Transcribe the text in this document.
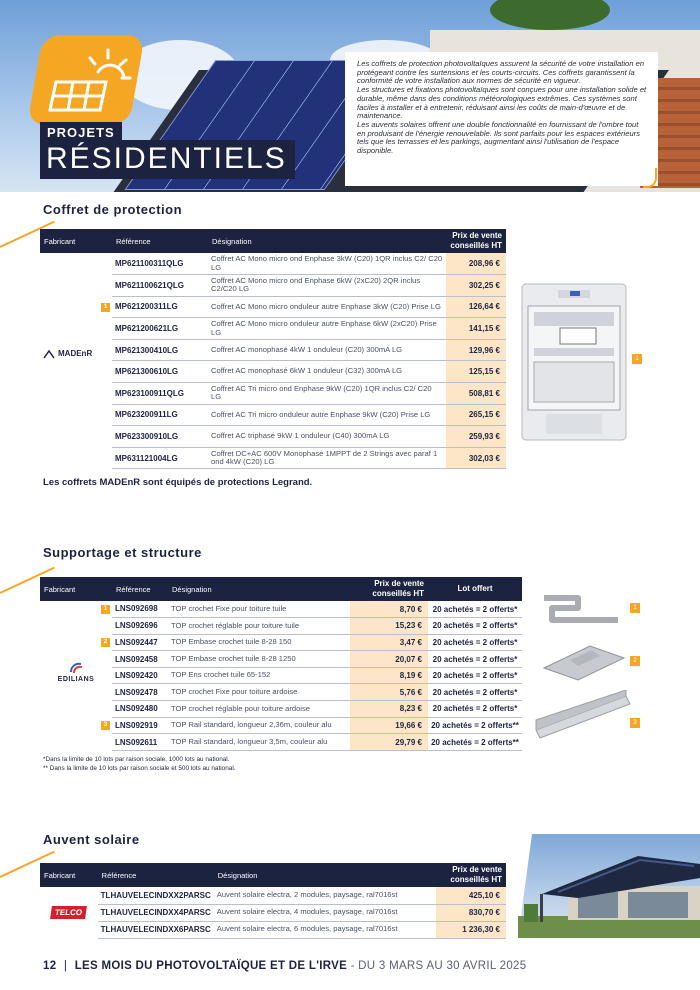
PROJETS
RÉSIDENTIELS

Les coffrets de protection photovoltaïques assurent la sécurité de votre installation en protégeant contre les surtensions et les courts-circuits. Ces coffrets garantissent la conformité de votre installation aux normes de sécurité en vigueur.

Les structures et fixations photovoltaïques sont conçues pour une installation solide et durable, même dans des conditions météorologiques extrêmes. Ces systèmes sont faciles à installer et à entretenir, réduisant ainsi les coûts de main-d'œuvre et de maintenance.

Les auvents solaires offrent une double fonctionnalité en fournissant de l'ombre tout en produisant de l'énergie renouvelable. Ils sont parfaits pour les espaces extérieurs tels que les terrasses et les parkings, augmentant ainsi l'utilisation de l'espace disponible.

Coffret de protection
Fabricant	Référence	Désignation	Prix de vente conseillés HT

MADEnR	MP621100311QLG	Coffret AC Mono micro ond Enphase 3kW (C20) 1QR inclus C2/ C20 LG	208,96 €
	MP621100621QLG	Coffret AC Mono micro ond Enphase 6kW (2xC20) 2QR inclus C2/C20 LG	302,25 €
	1 MP621200311LG	Coffret AC Mono micro onduleur autre Enphase 3kW (C20) Prise LG	126,64 €
	MP621200621LG	Coffret AC Mono micro onduleur autre Enphase 6kW (2xC20) Prise LG	141,15 €
	MP621300410LG	Coffret AC monophasé 4kW 1 onduleur (C20) 300mA LG	129,96 €
	MP621300610LG	Coffret AC monophasé 6kW 1 onduleur (C32) 300mA LG	125,15 €
	MP623100911QLG	Coffret AC Tri micro ond Enphase 9kW (C20) 1QR inclus C2/ C20 LG	508,81 €
	MP623200911LG	Coffret AC Tri micro onduleur autre Enphase 9kW (C20) Prise LG	265,15 €
	MP623300910LG	Coffret AC triphasé 9kW 1 onduleur (C40) 300mA LG	259,93 €
	MP631121004LG	Coffret DC+AC 600V Monophasé 1MPPT de 2 Strings avec paraf 1 ond 4kW (C20) LG	302,03 €
1
Les coffrets MADEnR sont équipés de protections Legrand.
Supportage et structure
Fabricant	Référence	Désignation	Prix de vente conseillés HT	Lot offert

EDILIANS	1 LNS092698	TOP crochet Fixe pour toiture tuile	8,70 €	20 achetés = 2 offerts*
	LNS092696	TOP crochet réglable pour toiture tuile	15,23 €	20 achetés = 2 offerts*
	2 LNS092447	TOP Embase crochet tuile 8-28 150	3,47 €	20 achetés = 2 offerts*
	LNS092458	TOP Embase crochet tuile 8-28 1250	20,07 €	20 achetés = 2 offerts*
	LNS092420	TOP Ens crochet tuile 65-152	8,19 €	20 achetés = 2 offerts*
	LNS092478	TOP crochet Fixe pour toiture ardoise	5,76 €	20 achetés = 2 offerts*
	LNS092480	TOP crochet réglable pour toiture ardoise	8,23 €	20 achetés = 2 offerts*
	3 LNS092919	TOP Rail standard, longueur 2,36m, couleur alu	19,66 €	20 achetés = 2 offerts**
	LNS092611	TOP Rail standard, longueur 3,5m, couleur alu	29,79 €	20 achetés = 2 offerts**
1
2
3
*Dans la limite de 10 lots par raison sociale, 1000 lots au national.
** Dans la limite de 10 lots par raison sociale et 500 lots au national.
Auvent solaire
Fabricant	Référence	Désignation	Prix de vente conseillés HT

TELCO	TLHAUVELECINDXX2PARSC	Auvent solaire electra, 2 modules, paysage, ral7016st	425,10 €
	TLHAUVELECINDXX4PARSC	Auvent solaire electra, 4 modules, paysage, ral7016st	830,70 €
	TLHAUVELECINDXX6PARSC	Auvent solaire electra, 6 modules, paysage, ral7016st	1 236,30 €
12 | LES MOIS DU PHOTOVOLTAÏQUE ET DE L'IRVE - DU 3 MARS AU 30 AVRIL 2025
